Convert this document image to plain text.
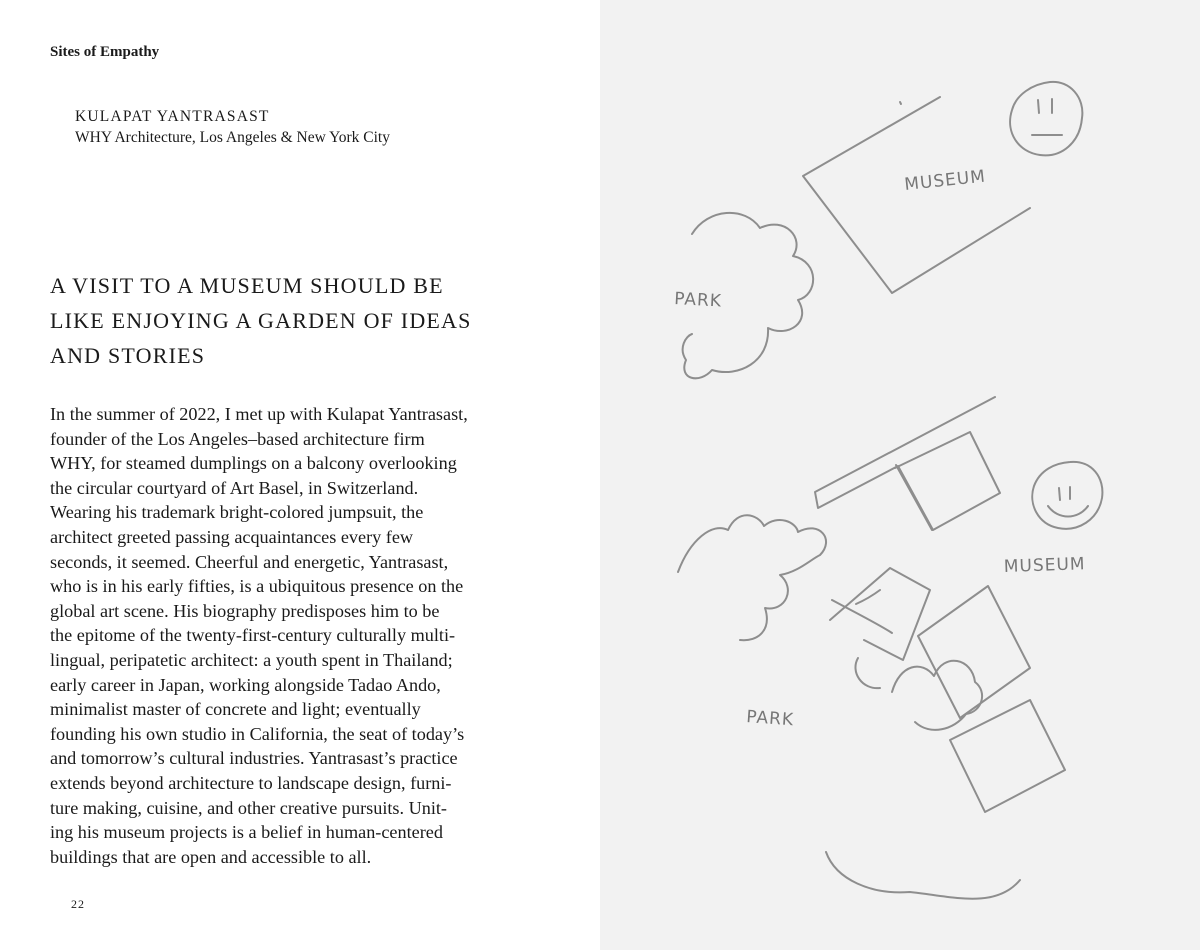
Sites of Empathy
KULAPAT YANTRASAST
WHY Architecture, Los Angeles & New York City
A VISIT TO A MUSEUM SHOULD BE
LIKE ENJOYING A GARDEN OF IDEAS
AND STORIES

In the summer of 2022, I met up with Kulapat Yantrasast,
founder of the Los Angeles–based architecture firm
WHY, for steamed dumplings on a balcony overlooking
the circular courtyard of Art Basel, in Switzerland.
Wearing his trademark bright-colored jumpsuit, the
architect greeted passing acquaintances every few
seconds, it seemed. Cheerful and energetic, Yantrasast,
who is in his early fifties, is a ubiquitous presence on the
global art scene. His biography predisposes him to be
the epitome of the twenty-first-century culturally multi-
lingual, peripatetic architect: a youth spent in Thailand;
early career in Japan, working alongside Tadao Ando,
minimalist master of concrete and light; eventually
founding his own studio in California, the seat of today’s
and tomorrow’s cultural industries. Yantrasast’s practice
extends beyond architecture to landscape design, furni-
ture making, cuisine, and other creative pursuits. Unit-
ing his museum projects is a belief in human-centered
buildings that are open and accessible to all.

22
MUSEUM
PARK
MUSEUM
PARK
